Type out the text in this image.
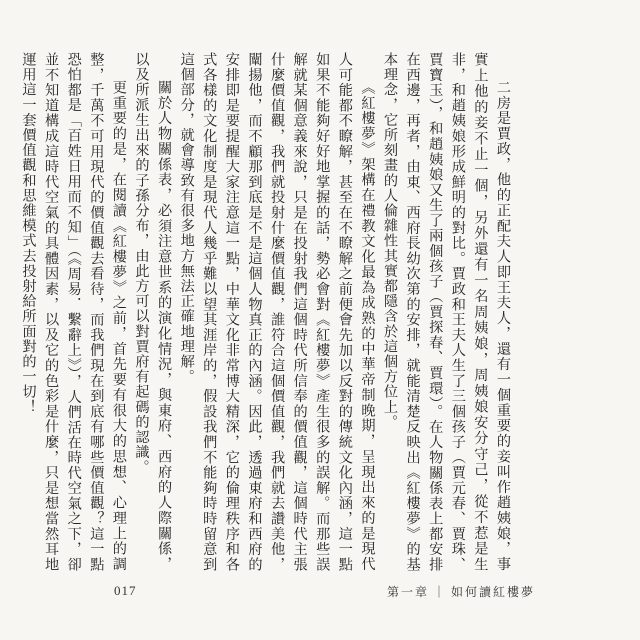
二房是賈政，他的正配夫人即王夫人，還有一個重要的妾叫作趙姨娘，事實上他的妾不止一個，另外還有一名周姨娘，周姨娘安分守己，從不惹是生非，和趙姨娘形成鮮明的對比。賈政和王夫人生了三個孩子（賈元春、賈珠、賈寶玉），和趙姨娘又生了兩個孩子（賈探春、賈環）。在人物關係表上都安排在西邊，再者，由東、西府長幼次第的安排，就能清楚反映出《紅樓夢》的基本理念，它所刻畫的人倫雜性其實都隱含於這個方位上。

《紅樓夢》架構在禮教文化最為成熟的中華帝制晚期，呈現出來的是現代人可能都不瞭解，甚至在不瞭解之前便會先加以反對的傳統文化內涵，這一點如果不能夠好好地掌握的話，勢必會對《紅樓夢》產生很多的誤解。而那些誤解就某個意義來說，只是在投射我們這個時代所信奉的價值觀，這個時代主張什麼價值觀，我們就投射什麼價值觀，誰符合這個價值觀，我們就去讚美他，闡揚他，而不顧那到底是不是這個人物真正的內涵。因此，透過東府和西府的安排即是要提醒大家注意這一點，中華文化非常博大精深，它的倫理秩序和各式各樣的文化制度是現代人幾乎難以望其涯岸的，假設我們不能夠時時留意到這個部分，就會導致有很多地方無法正確地理解。

關於人物關係表，必須注意世系的演化情況，與東府、西府的人際關係，以及所派生出來的子孫分布，由此方可以對賈府有起碼的認識。

更重要的是，在閱讀《紅樓夢》之前，首先要有很大的思想、心理上的調整，千萬不可用現代的價值觀去看待，而我們現在到底有哪些價值觀？這一點恐怕都是「百姓日用而不知」（《周易．繫辭上》），人們活在時代空氣之下，卻並不知道構成這時代空氣的具體因素，以及它的色彩是什麼，只是想當然耳地運用這一套價值觀和思維模式去投射給所面對的一切！

017	第一章 ｜ 如何讀紅樓夢
